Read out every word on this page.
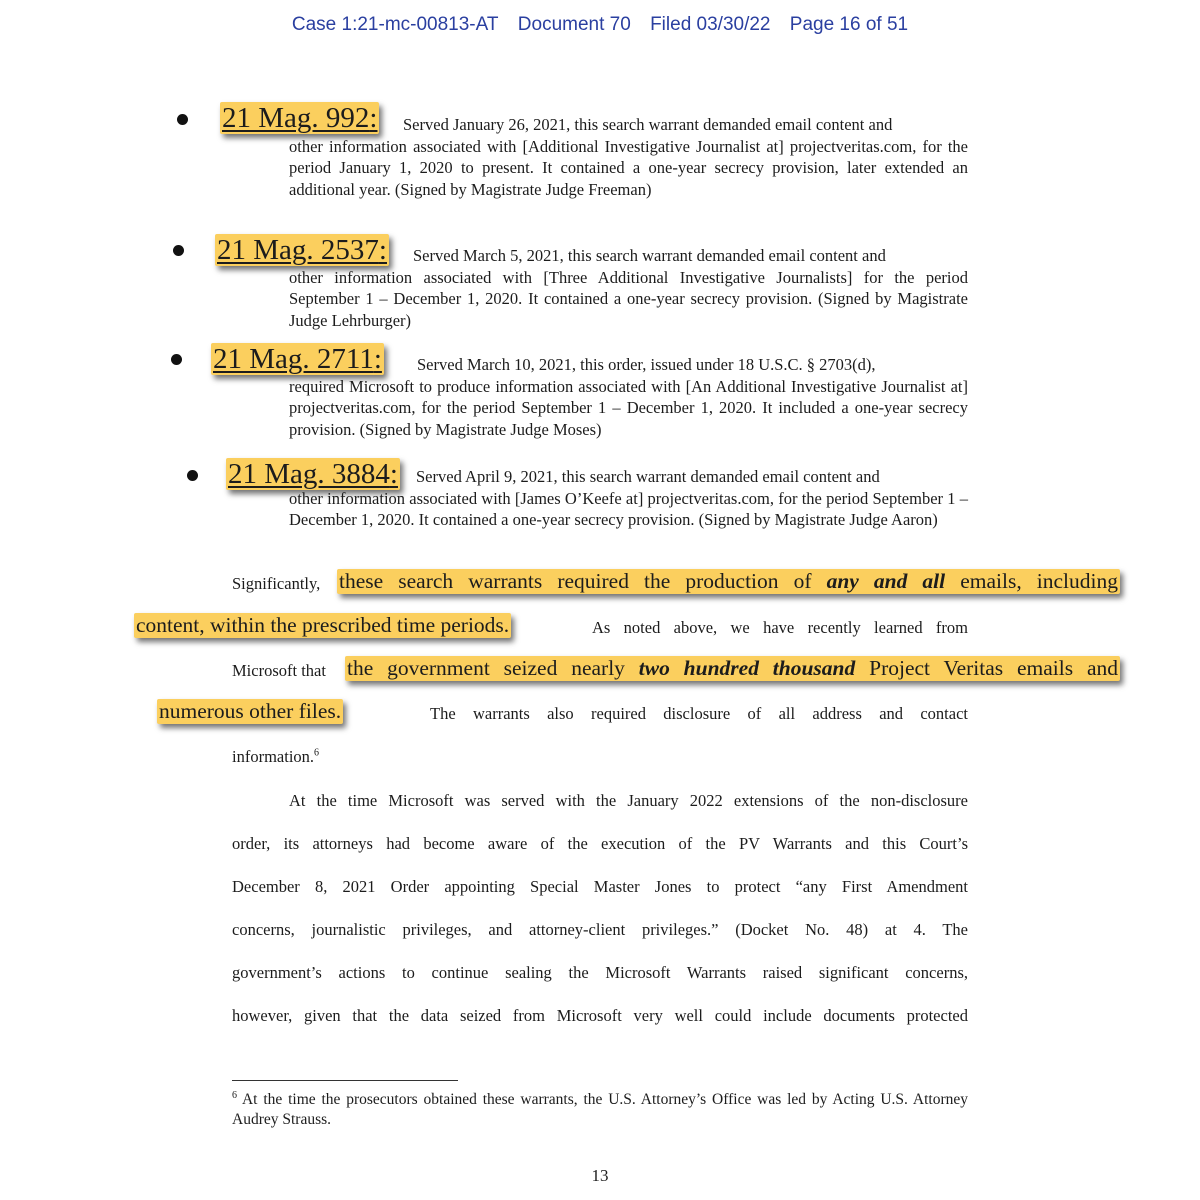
Case 1:21-mc-00813-AT Document 70 Filed 03/30/22 Page 16 of 51
21 Mag. 992: Served January 26, 2021, this search warrant demanded email content and
other information associated with [Additional Investigative Journalist at] projectveritas.com, for the period January 1, 2020 to present. It contained a one-year secrecy provision, later extended an additional year. (Signed by Magistrate Judge Freeman)
21 Mag. 2537: Served March 5, 2021, this search warrant demanded email content and
other information associated with [Three Additional Investigative Journalists] for the period September 1 – December 1, 2020. It contained a one-year secrecy provision. (Signed by Magistrate Judge Lehrburger)
21 Mag. 2711: Served March 10, 2021, this order, issued under 18 U.S.C. § 2703(d),
required Microsoft to produce information associated with [An Additional Investigative Journalist at] projectveritas.com, for the period September 1 – December 1, 2020. It included a one-year secrecy provision. (Signed by Magistrate Judge Moses)
21 Mag. 3884: Served April 9, 2021, this search warrant demanded email content and
other information associated with [James O’Keefe at] projectveritas.com, for the period September 1 – December 1, 2020. It contained a one-year secrecy provision. (Signed by Magistrate Judge Aaron)
Significantly, these search warrants required the production of any and all emails, including
content, within the prescribed time periods.	As noted above, we have recently learned from
Microsoft that the government seized nearly two hundred thousand Project Veritas emails and
numerous other files.	The warrants also required disclosure of all address and contact
information.$^6$
At the time Microsoft was served with the January 2022 extensions of the non-disclosure
order, its attorneys had become aware of the execution of the PV Warrants and this Court’s
December 8, 2021 Order appointing Special Master Jones to protect “any First Amendment
concerns, journalistic privileges, and attorney-client privileges.” (Docket No. 48) at 4. The
government’s actions to continue sealing the Microsoft Warrants raised significant concerns,
however, given that the data seized from Microsoft very well could include documents protected
$^6$ At the time the prosecutors obtained these warrants, the U.S. Attorney’s Office was led by Acting U.S. Attorney Audrey Strauss.
13
